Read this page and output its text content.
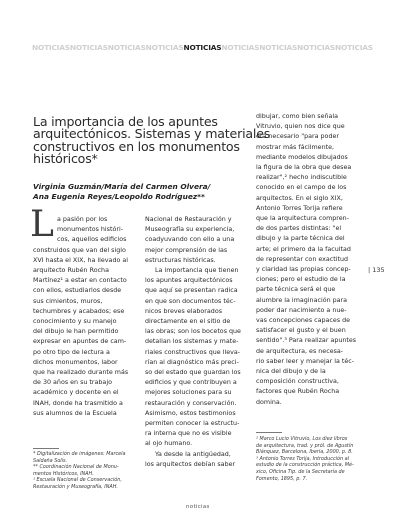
NOTICIASNOTICIASNOTICIASNOTICIASNOTICIASNOTICIASNOTICIASNOTICIASNOTICIAS
La importancia de los apuntes
arquitectónicos. Sistemas y materiales
constructivos en los monumentos
históricos*
Virginia Guzmán/María del Carmen Olvera/
Ana Eugenia Reyes/Leopoldo Rodríguez**
L a pasión por los
monumentos históri-
cos, aquellos edificios
construidos que van del siglo
XVI hasta el XIX, ha llevado al
arquitecto Rubén Rocha
Martínez¹ a estar en contacto
con ellos, estudiarlos desde
sus cimientos, muros,
techumbres y acabados; ese
conocimiento y su manejo
del dibujo le han permitido
expresar en apuntes de cam-
po otro tipo de lectura a
dichos monumentos, labor
que ha realizado durante más
de 30 años en su trabajo
académico y docente en el
INAH, donde ha trasmitido a
sus alumnos de la Escuela
* Digitalización de imágenes: Marcela
Saldaña Solís.
** Coordinación Nacional de Monu-
mentos Históricos, INAH.
¹ Escuela Nacional de Conservación,
Restauración y Museografía, INAH.
Nacional de Restauración y
Museografía su experiencia,
coadyuvando con ello a una
mejor comprensión de las
estructuras históricas.
La importancia que tienen
los apuntes arquitectónicos
que aquí se presentan radica
en que son documentos téc-
nicos breves elaborados
directamente en el sitio de
las obras; son los bocetos que
detallan los sistemas y mate-
riales constructivos que lleva-
rían al diagnóstico más preci-
so del estado que guardan los
edificios y que contribuyen a
mejores soluciones para su
restauración y conservación.
Asimismo, estos testimonios
permiten conocer la estructu-
ra interna que no es visible
al ojo humano.
Ya desde la antigüedad,
los arquitectos debían saber
dibujar, como bien señala
Vitruvio, quien nos dice que
era necesario "para poder
mostrar más fácilmente,
mediante modelos dibujados
la figura de la obra que desea
realizar",² hecho indiscutible
conocido en el campo de los
arquitectos. En el siglo XIX,
Antonio Torres Torija refiere
que la arquitectura compren-
de dos partes distintas: "el
dibujo y la parte técnica del
arte; el primero da la facultad
de representar con exactitud
y claridad las propias concep-
ciones; pero el estudio de la
parte técnica será el que
alumbre la imaginación para
poder dar nacimiento a nue-
vas concepciones capaces de
satisfacer el gusto y el buen
sentido".³ Para realizar apuntes
de arquitectura, es necesa-
rio saber leer y manejar la téc-
nica del dibujo y de la
composición constructiva,
factores que Rubén Rocha
domina.
² Marco Lucio Vitruvio, Los diez libros
de arquitectura, trad. y pról. de Agustín
Blánquez, Barcelona, Iberia, 2000, p. 8.
³ Antonio Torres Torija, Introducción al
estudio de la construcción práctica, Mé-
xico, Oficina Tip. de la Secretaría de
Fomento, 1895, p. 7.
| 135
noticias
